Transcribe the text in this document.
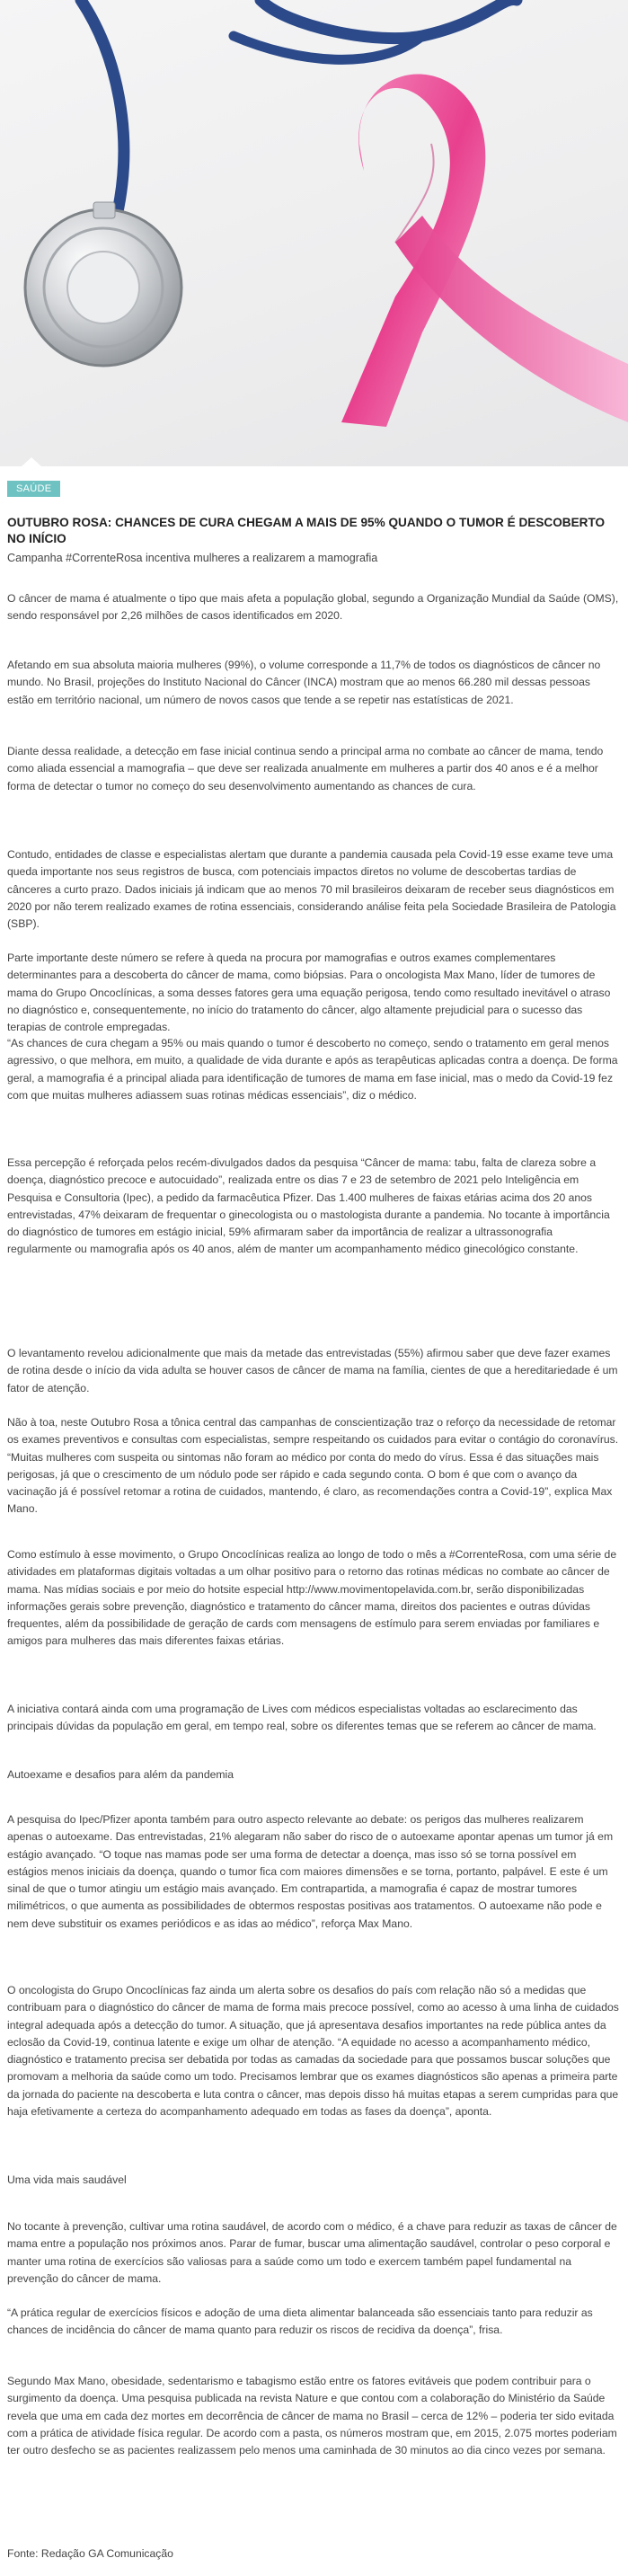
SAÚDE
OUTUBRO ROSA: CHANCES DE CURA CHEGAM A MAIS DE 95% QUANDO O TUMOR É DESCOBERTO NO INÍCIO

Campanha #CorrenteRosa incentiva mulheres a realizarem a mamografia

O câncer de mama é atualmente o tipo que mais afeta a população global, segundo a Organização Mundial da Saúde (OMS), sendo responsável por 2,26 milhões de casos identificados em 2020.

Afetando em sua absoluta maioria mulheres (99%), o volume corresponde a 11,7% de todos os diagnósticos de câncer no mundo. No Brasil, projeções do Instituto Nacional do Câncer (INCA) mostram que ao menos 66.280 mil dessas pessoas estão em território nacional, um número de novos casos que tende a se repetir nas estatísticas de 2021.

Diante dessa realidade, a detecção em fase inicial continua sendo a principal arma no combate ao câncer de mama, tendo como aliada essencial a mamografia – que deve ser realizada anualmente em mulheres a partir dos 40 anos e é a melhor forma de detectar o tumor no começo do seu desenvolvimento aumentando as chances de cura.

Contudo, entidades de classe e especialistas alertam que durante a pandemia causada pela Covid-19 esse exame teve uma queda importante nos seus registros de busca, com potenciais impactos diretos no volume de descobertas tardias de cânceres a curto prazo. Dados iniciais já indicam que ao menos 70 mil brasileiros deixaram de receber seus diagnósticos em 2020 por não terem realizado exames de rotina essenciais, considerando análise feita pela Sociedade Brasileira de Patologia (SBP).

Parte importante deste número se refere à queda na procura por mamografias e outros exames complementares determinantes para a descoberta do câncer de mama, como biópsias. Para o oncologista Max Mano, líder de tumores de mama do Grupo Oncoclínicas, a soma desses fatores gera uma equação perigosa, tendo como resultado inevitável o atraso no diagnóstico e, consequentemente, no início do tratamento do câncer, algo altamente prejudicial para o sucesso das terapias de controle empregadas.

“As chances de cura chegam a 95% ou mais quando o tumor é descoberto no começo, sendo o tratamento em geral menos agressivo, o que melhora, em muito, a qualidade de vida durante e após as terapêuticas aplicadas contra a doença. De forma geral, a mamografia é a principal aliada para identificação de tumores de mama em fase inicial, mas o medo da Covid-19 fez com que muitas mulheres adiassem suas rotinas médicas essenciais”, diz o médico.

Essa percepção é reforçada pelos recém-divulgados dados da pesquisa “Câncer de mama: tabu, falta de clareza sobre a doença, diagnóstico precoce e autocuidado”, realizada entre os dias 7 e 23 de setembro de 2021 pelo Inteligência em Pesquisa e Consultoria (Ipec), a pedido da farmacêutica Pfizer. Das 1.400 mulheres de faixas etárias acima dos 20 anos entrevistadas, 47% deixaram de frequentar o ginecologista ou o mastologista durante a pandemia. No tocante à importância do diagnóstico de tumores em estágio inicial, 59% afirmaram saber da importância de realizar a ultrassonografia regularmente ou mamografia após os 40 anos, além de manter um acompanhamento médico ginecológico constante.

O levantamento revelou adicionalmente que mais da metade das entrevistadas (55%) afirmou saber que deve fazer exames de rotina desde o início da vida adulta se houver casos de câncer de mama na família, cientes de que a hereditariedade é um fator de atenção.

Não à toa, neste Outubro Rosa a tônica central das campanhas de conscientização traz o reforço da necessidade de retomar os exames preventivos e consultas com especialistas, sempre respeitando os cuidados para evitar o contágio do coronavírus. “Muitas mulheres com suspeita ou sintomas não foram ao médico por conta do medo do vírus. Essa é das situações mais perigosas, já que o crescimento de um nódulo pode ser rápido e cada segundo conta. O bom é que com o avanço da vacinação já é possível retomar a rotina de cuidados, mantendo, é claro, as recomendações contra a Covid-19”, explica Max Mano.

Como estímulo à esse movimento, o Grupo Oncoclínicas realiza ao longo de todo o mês a #CorrenteRosa, com uma série de atividades em plataformas digitais voltadas a um olhar positivo para o retorno das rotinas médicas no combate ao câncer de mama. Nas mídias sociais e por meio do hotsite especial http://www.movimentopelavida.com.br, serão disponibilizadas informações gerais sobre prevenção, diagnóstico e tratamento do câncer mama, direitos dos pacientes e outras dúvidas frequentes, além da possibilidade de geração de cards com mensagens de estímulo para serem enviadas por familiares e amigos para mulheres das mais diferentes faixas etárias.

A iniciativa contará ainda com uma programação de Lives com médicos especialistas voltadas ao esclarecimento das principais dúvidas da população em geral, em tempo real, sobre os diferentes temas que se referem ao câncer de mama.

Autoexame e desafios para além da pandemia

A pesquisa do Ipec/Pfizer aponta também para outro aspecto relevante ao debate: os perigos das mulheres realizarem apenas o autoexame. Das entrevistadas, 21% alegaram não saber do risco de o autoexame apontar apenas um tumor já em estágio avançado. “O toque nas mamas pode ser uma forma de detectar a doença, mas isso só se torna possível em estágios menos iniciais da doença, quando o tumor fica com maiores dimensões e se torna, portanto, palpável. E este é um sinal de que o tumor atingiu um estágio mais avançado. Em contrapartida, a mamografia é capaz de mostrar tumores milimétricos, o que aumenta as possibilidades de obtermos respostas positivas aos tratamentos. O autoexame não pode e nem deve substituir os exames periódicos e as idas ao médico”, reforça Max Mano.

O oncologista do Grupo Oncoclínicas faz ainda um alerta sobre os desafios do país com relação não só a medidas que contribuam para o diagnóstico do câncer de mama de forma mais precoce possível, como ao acesso à uma linha de cuidados integral adequada após a detecção do tumor. A situação, que já apresentava desafios importantes na rede pública antes da eclosão da Covid-19, continua latente e exige um olhar de atenção. “A equidade no acesso a acompanhamento médico, diagnóstico e tratamento precisa ser debatida por todas as camadas da sociedade para que possamos buscar soluções que promovam a melhoria da saúde como um todo. Precisamos lembrar que os exames diagnósticos são apenas a primeira parte da jornada do paciente na descoberta e luta contra o câncer, mas depois disso há muitas etapas a serem cumpridas para que haja efetivamente a certeza do acompanhamento adequado em todas as fases da doença”, aponta.

Uma vida mais saudável

No tocante à prevenção, cultivar uma rotina saudável, de acordo com o médico, é a chave para reduzir as taxas de câncer de mama entre a população nos próximos anos. Parar de fumar, buscar uma alimentação saudável, controlar o peso corporal e manter uma rotina de exercícios são valiosas para a saúde como um todo e exercem também papel fundamental na prevenção do câncer de mama.

“A prática regular de exercícios físicos e adoção de uma dieta alimentar balanceada são essenciais tanto para reduzir as chances de incidência do câncer de mama quanto para reduzir os riscos de recidiva da doença”, frisa.

Segundo Max Mano, obesidade, sedentarismo e tabagismo estão entre os fatores evitáveis que podem contribuir para o surgimento da doença. Uma pesquisa publicada na revista Nature e que contou com a colaboração do Ministério da Saúde revela que uma em cada dez mortes em decorrência de câncer de mama no Brasil – cerca de 12% – poderia ter sido evitada com a prática de atividade física regular. De acordo com a pasta, os números mostram que, em 2015, 2.075 mortes poderiam ter outro desfecho se as pacientes realizassem pelo menos uma caminhada de 30 minutos ao dia cinco vezes por semana.

Fonte: Redação GA Comunicação
